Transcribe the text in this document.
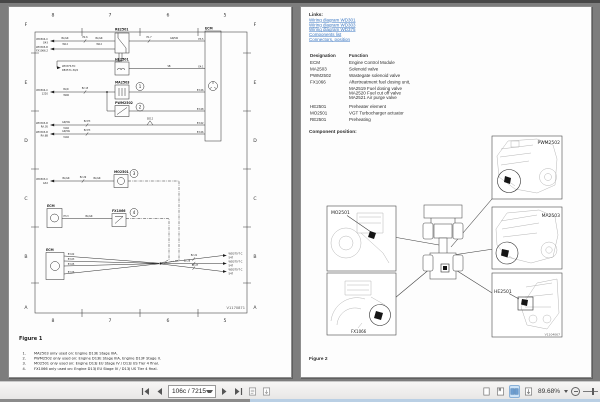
8	7	6	5
8	7	6	5
F
E
D
C
B
A
F
E
D
C
B
A
ECM
E3.5
E4.1
E3.06
E3.08
E3.02
E3.06
WD304-C
G43
BL/GR
3912
E2.6	BL/GR
3912
E1.7	GN/SW
RE2501
WD303-D
FX1066.2
WD375-TO
RE2571.30/2
HE2501
SB
MA2503
1
WD304-C
1220
BL/R
3906
E2.15
PWM2502
2
WD303-D
RA.05
GR/SW
3146
E2.E3
SD12
WD303-D
RA.6B
GR/SW
3146
E2.E3
MO2501 3
WD303-C
G32
BL/GR	E2.29	BL/GR
ECM
E3.3	BL/GR
FX1066 4
ECM
E3.02
E3.03
E3.05
E3.06
E2.21
E2.28
E2.27
WD375-T C
547
WD375-T C
547
WD375-T C
547
V1170871
Figure 1
1. MA2503 only used on: Engine D13E Stage IIIA.
2. PWM2502 only used on: Engine D13E Stage IIIA, Engine D13F Stage II.
3. MO2501 only used on: Engine D13J EU Stage IV / D13J US Tier 4 final.
4. FX1066 only used on: Engine D13J EU Stage IV / D13J US Tier 4 final.
PWM2502
MA2503
HE2501
V1104067
MO2501
FX1066
Links:
Wiring diagram WD301
Wiring diagram WD303
Wiring diagram WD375
Components list
Connectors, position
Designation	Function
ECM	Engine Control Module
MA2503	Solenoid valve
PWM2502	Wastegate solenoid valve
FX1066	Aftertreatment fuel dosing unit,
MA2519 Fuel dosing valve
MA2520 Fuel cut off valve
MA2521 Air purge valve
HE2501	Preheater element
MO2501	VGT Turbocharger actuator
RE2501	Preheating
Component position:
Figure 2
106c / 7215	89.68%
